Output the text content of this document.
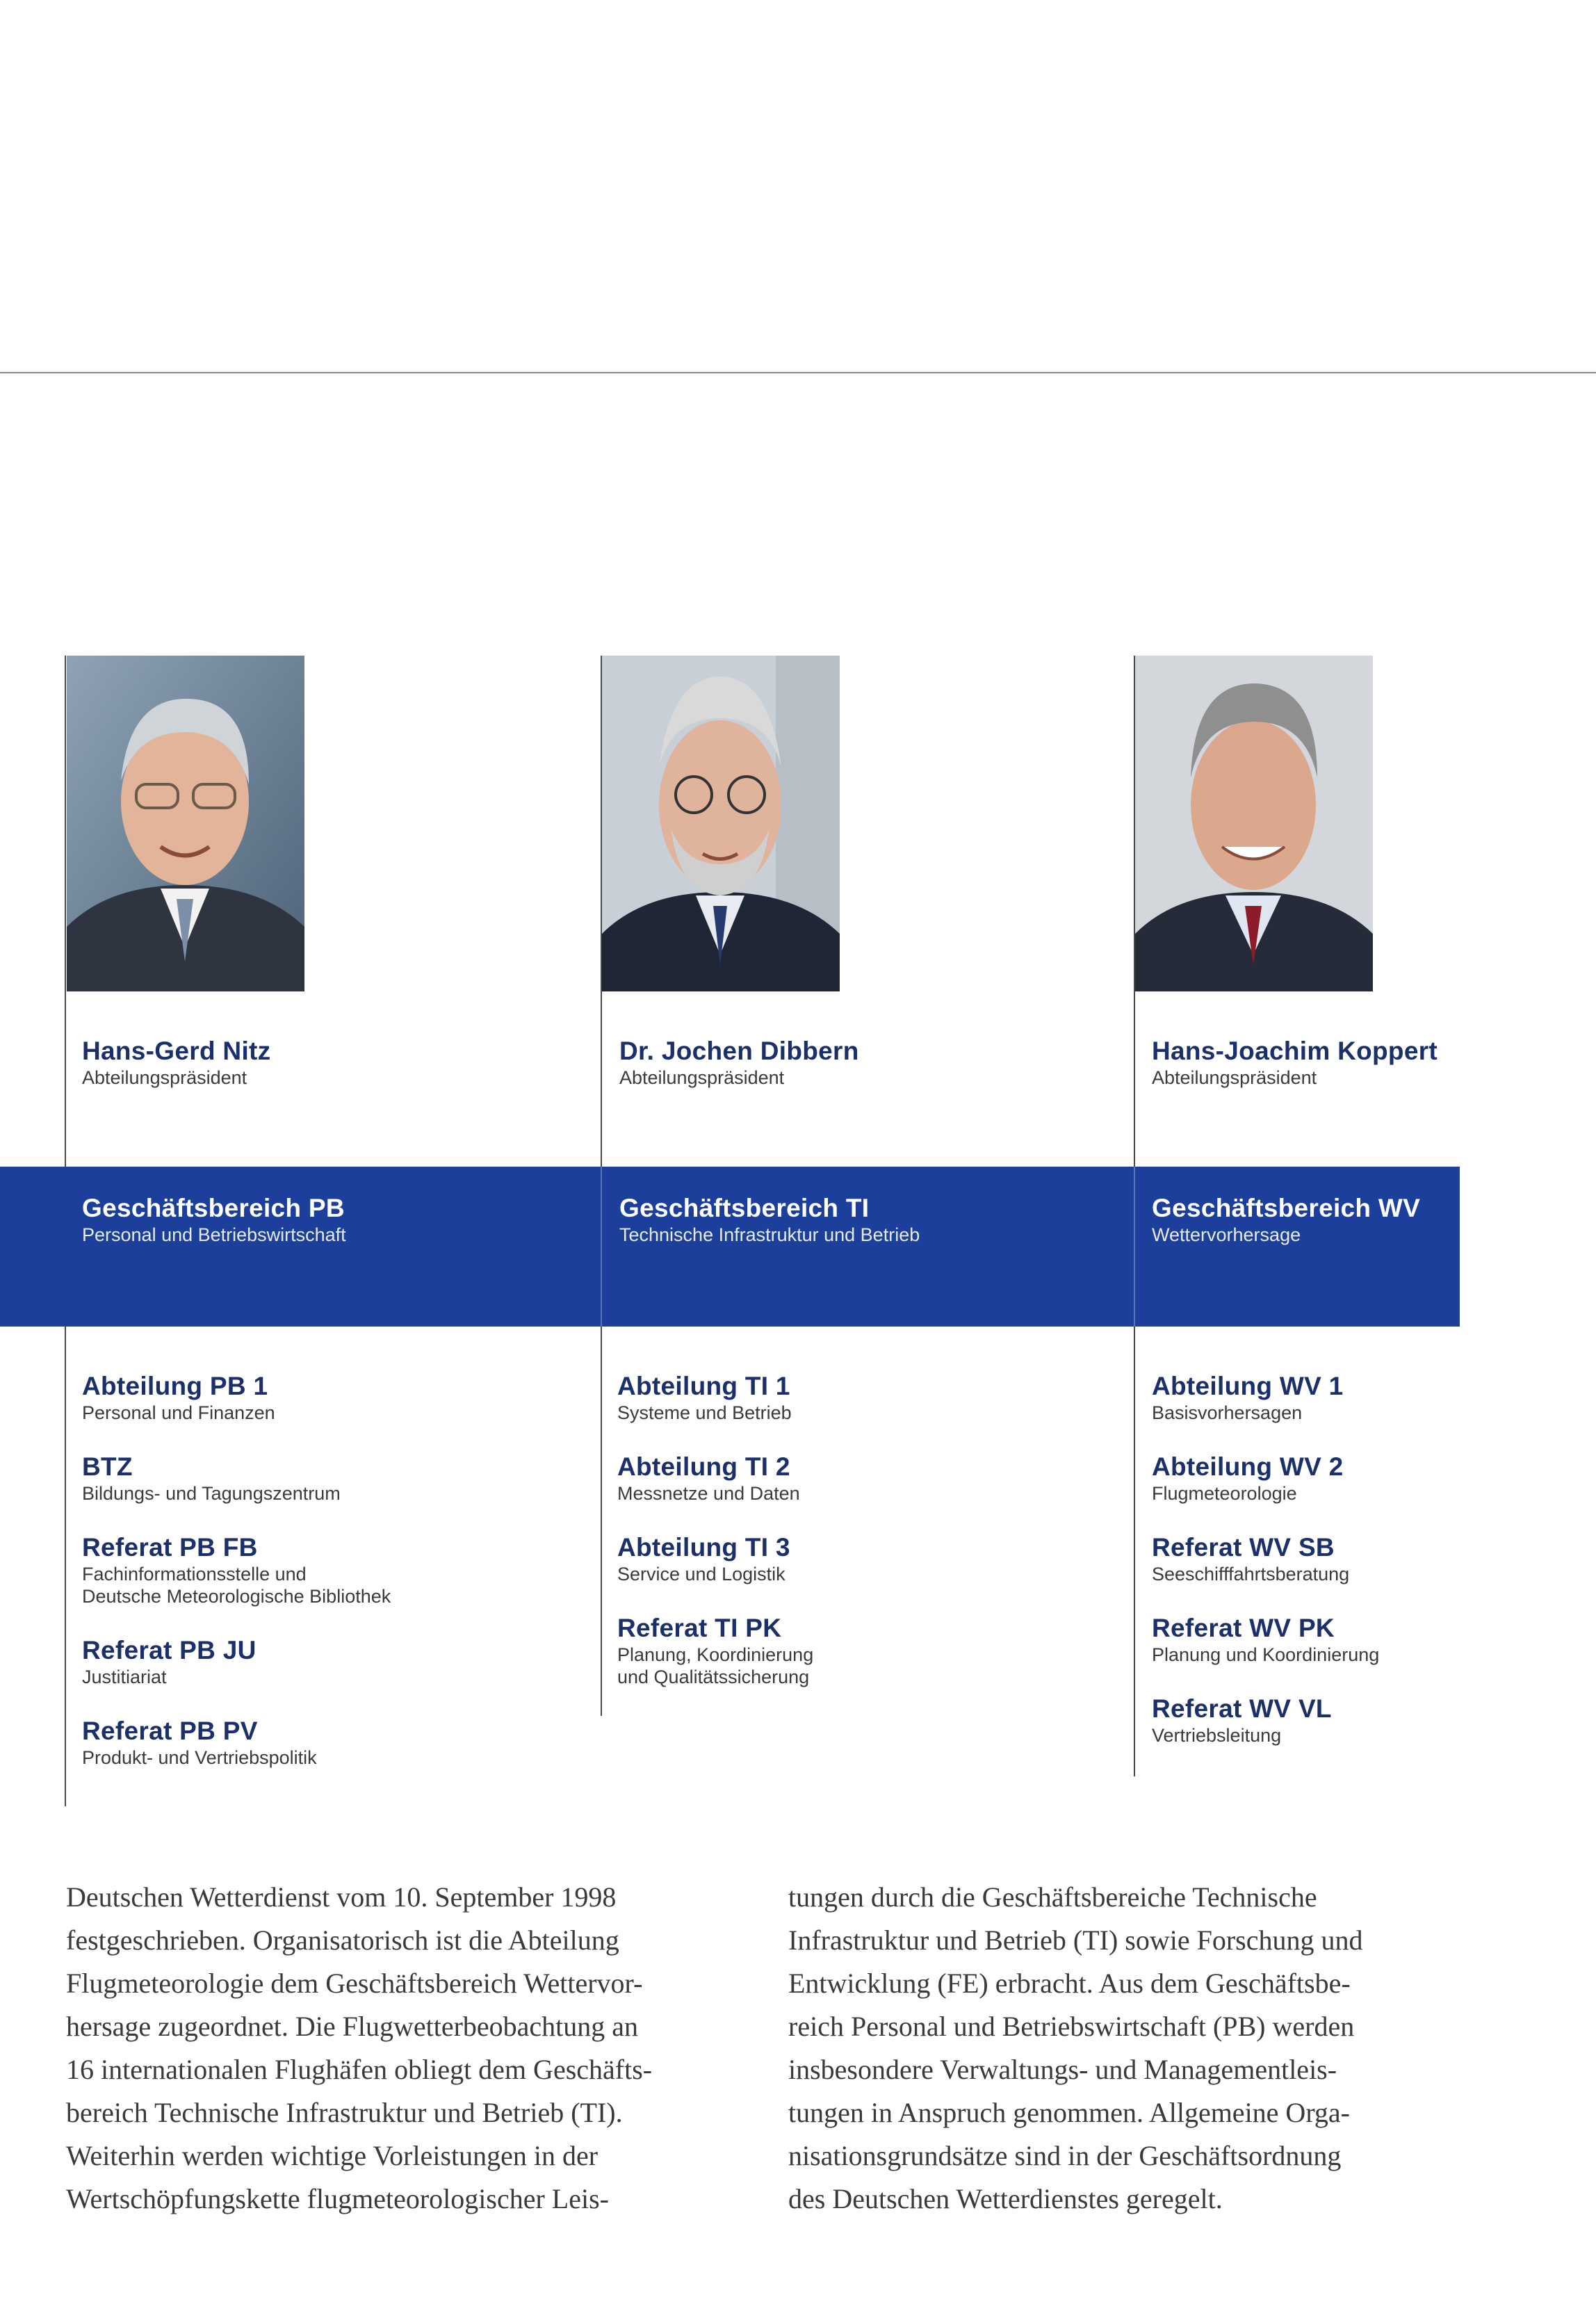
Hans-Gerd Nitz
Abteilungspräsident
Dr. Jochen Dibbern
Abteilungspräsident
Hans-Joachim Koppert
Abteilungspräsident
Geschäftsbereich PB
Personal und Betriebswirtschaft
Geschäftsbereich TI
Technische Infrastruktur und Betrieb
Geschäftsbereich WV
Wettervorhersage
Abteilung PB 1
Personal und Finanzen
BTZ
Bildungs- und Tagungszentrum
Referat PB FB
Fachinformationsstelle und
Deutsche Meteorologische Bibliothek
Referat PB JU
Justitiariat
Referat PB PV
Produkt- und Vertriebspolitik
Abteilung TI 1
Systeme und Betrieb
Abteilung TI 2
Messnetze und Daten
Abteilung TI 3
Service und Logistik
Referat TI PK
Planung, Koordinierung
und Qualitätssicherung
Abteilung WV 1
Basisvorhersagen
Abteilung WV 2
Flugmeteorologie
Referat WV SB
Seeschifffahrtsberatung
Referat WV PK
Planung und Koordinierung
Referat WV VL
Vertriebsleitung
Deutschen Wetterdienst vom 10. September 1998
festgeschrieben. Organisatorisch ist die Abteilung
Flugmeteorologie dem Geschäftsbereich Wettervor-
hersage zugeordnet. Die Flugwetterbeobachtung an
16 internationalen Flughäfen obliegt dem Geschäfts-
bereich Technische Infrastruktur und Betrieb (TI).
Weiterhin werden wichtige Vorleistungen in der
Wertschöpfungskette flugmeteorologischer Leis-
tungen durch die Geschäftsbereiche Technische
Infrastruktur und Betrieb (TI) sowie Forschung und
Entwicklung (FE) erbracht. Aus dem Geschäftsbe-
reich Personal und Betriebswirtschaft (PB) werden
insbesondere Verwaltungs- und Managementleis-
tungen in Anspruch genommen. Allgemeine Orga-
nisationsgrundsätze sind in der Geschäftsordnung
des Deutschen Wetterdienstes geregelt.
